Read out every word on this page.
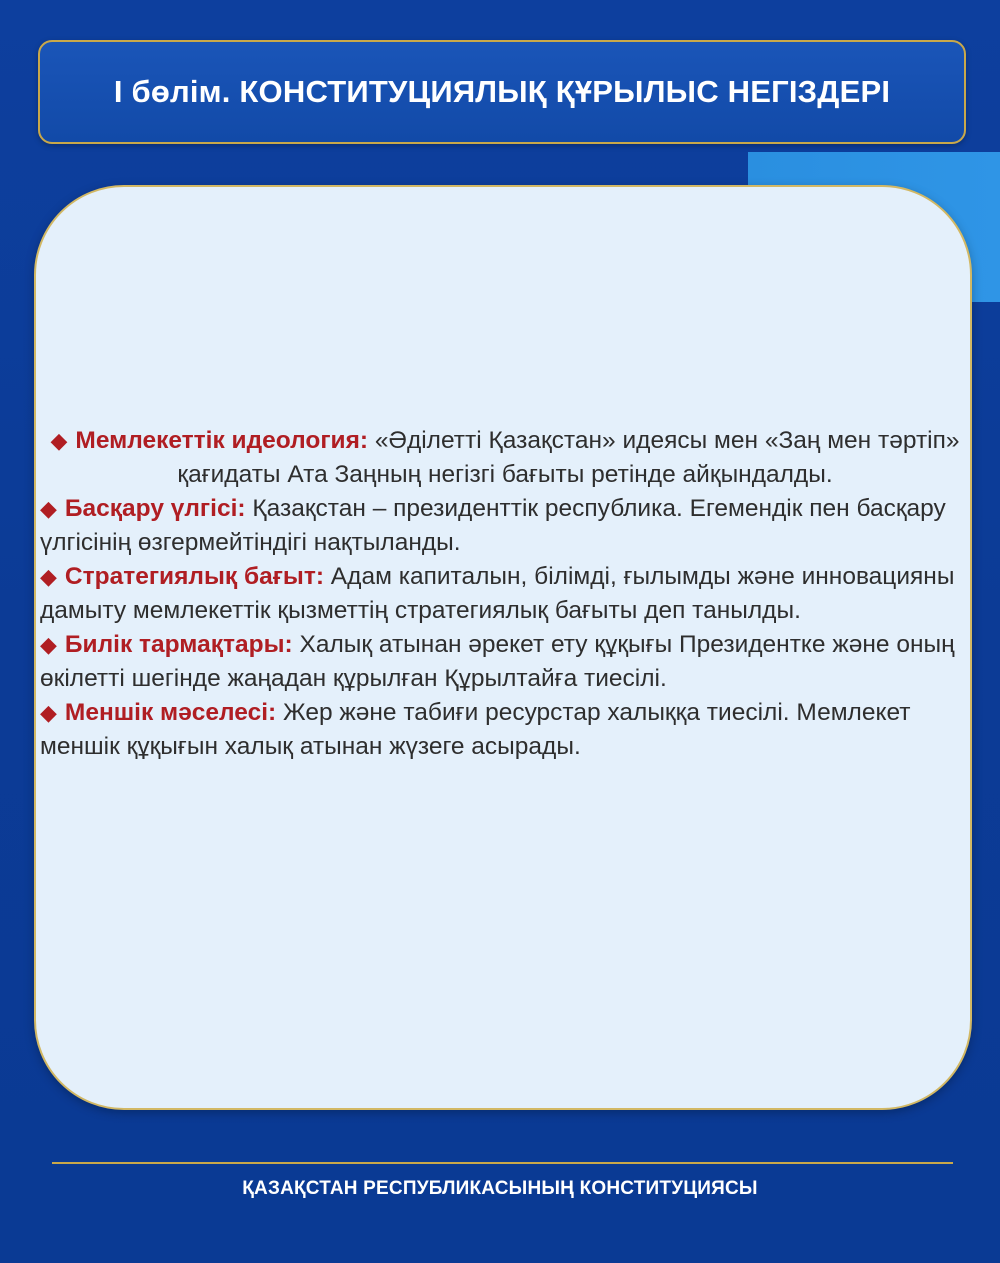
І бөлім. КОНСТИТУЦИЯЛЫҚ ҚҰРЫЛЫС НЕГІЗДЕРІ

◆ Мемлекеттік идеология: «Әділетті Қазақстан» идеясы мен «Заң мен тәртіп» қағидаты Ата Заңның негізгі бағыты ретінде айқындалды.

◆ Басқару үлгісі: Қазақстан – президенттік республика. Егемендік пен басқару үлгісінің өзгермейтіндігі нақтыланды.

◆ Стратегиялық бағыт: Адам капиталын, білімді, ғылымды және инновацияны дамыту мемлекеттік қызметтің стратегиялық бағыты деп танылды.

◆ Билік тармақтары: Халық атынан әрекет ету құқығы Президентке және оның өкілетті шегінде жаңадан құрылған Құрылтайға тиесілі.

◆ Меншік мәселесі: Жер және табиғи ресурстар халыққа тиесілі. Мемлекет меншік құқығын халық атынан жүзеге асырады.

ҚАЗАҚСТАН РЕСПУБЛИКАСЫНЫҢ КОНСТИТУЦИЯСЫ
